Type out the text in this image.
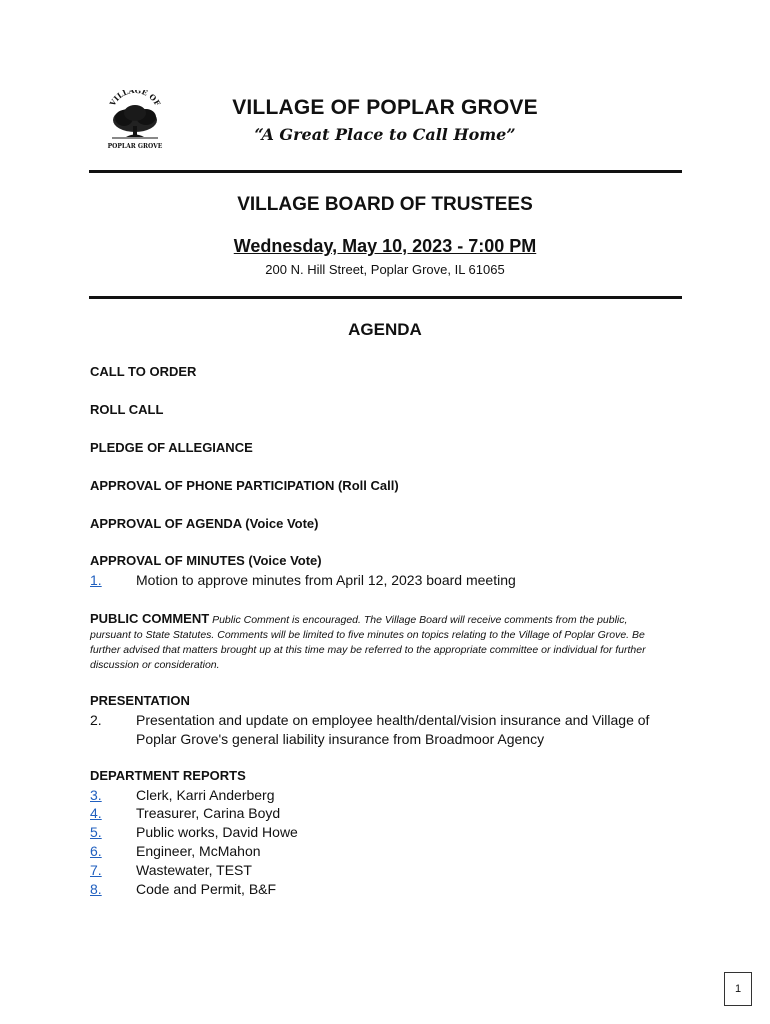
VILLAGE OF
POPLAR GROVE
VILLAGE OF POPLAR GROVE
“A Great Place to Call Home”
VILLAGE BOARD OF TRUSTEES
Wednesday, May 10, 2023 - 7:00 PM
200 N. Hill Street, Poplar Grove, IL 61065
AGENDA
CALL TO ORDER
ROLL CALL
PLEDGE OF ALLEGIANCE
APPROVAL OF PHONE PARTICIPATION (Roll Call)
APPROVAL OF AGENDA (Voice Vote)
APPROVAL OF MINUTES (Voice Vote)
1. Motion to approve minutes from April 12, 2023 board meeting
PUBLIC COMMENT Public Comment is encouraged. The Village Board will receive comments from the public, pursuant to State Statutes. Comments will be limited to five minutes on topics relating to the Village of Poplar Grove. Be further advised that matters brought up at this time may be referred to the appropriate committee or individual for further discussion or consideration.
PRESENTATION
2. Presentation and update on employee health/dental/vision insurance and Village of Poplar Grove's general liability insurance from Broadmoor Agency
DEPARTMENT REPORTS
3. Clerk, Karri Anderberg
4. Treasurer, Carina Boyd
5. Public works, David Howe
6. Engineer, McMahon
7. Wastewater, TEST
8. Code and Permit, B&F
1
